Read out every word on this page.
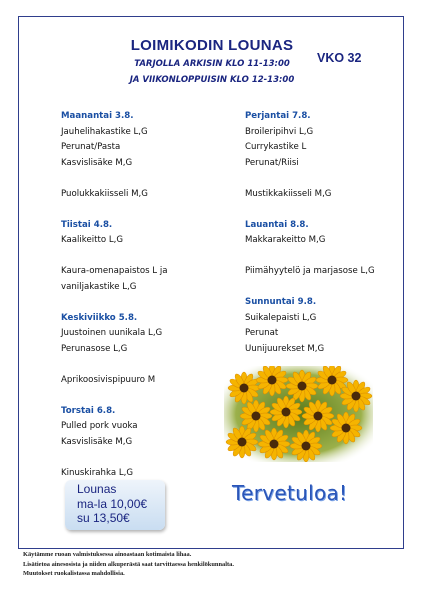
LOIMIKODIN LOUNAS
TARJOLLA ARKISIN KLO 11-13:00
JA VIIKONLOPPUISIN KLO 12-13:00
VKO 32
Maanantai 3.8.
Jauhelihakastike L,G
Perunat/Pasta
Kasvislisäke M,G
Puolukkakiisseli M,G
Tiistai 4.8.
Kaalikeitto L,G
Kaura-omenapaistos L ja
vaniljakastike L,G
Keskiviikko 5.8.
Juustoinen uunikala L,G
Perunasose L,G
Aprikoosivispipuuro M
Torstai 6.8.
Pulled pork vuoka
Kasvislisäke M,G
Kinuskirahka L,G
Perjantai 7.8.
Broileripihvi L,G
Currykastike L
Perunat/Riisi
Mustikkakiisseli M,G
Lauantai 8.8.
Makkarakeitto M,G
Piimähyytelö ja marjasose L,G
Sunnuntai 9.8.
Suikalepaisti L,G
Perunat
Uunijuurekset M,G
Lounas
ma-la 10,00€
su 13,50€
Tervetuloa!
Käytämme ruoan valmistuksessa ainoastaan kotimaista lihaa.
Lisätietoa ainesosista ja niiden alkuperästä saat tarvittaessa henkilökunnalta.
Muutokset ruokalistassa mahdollisia.
